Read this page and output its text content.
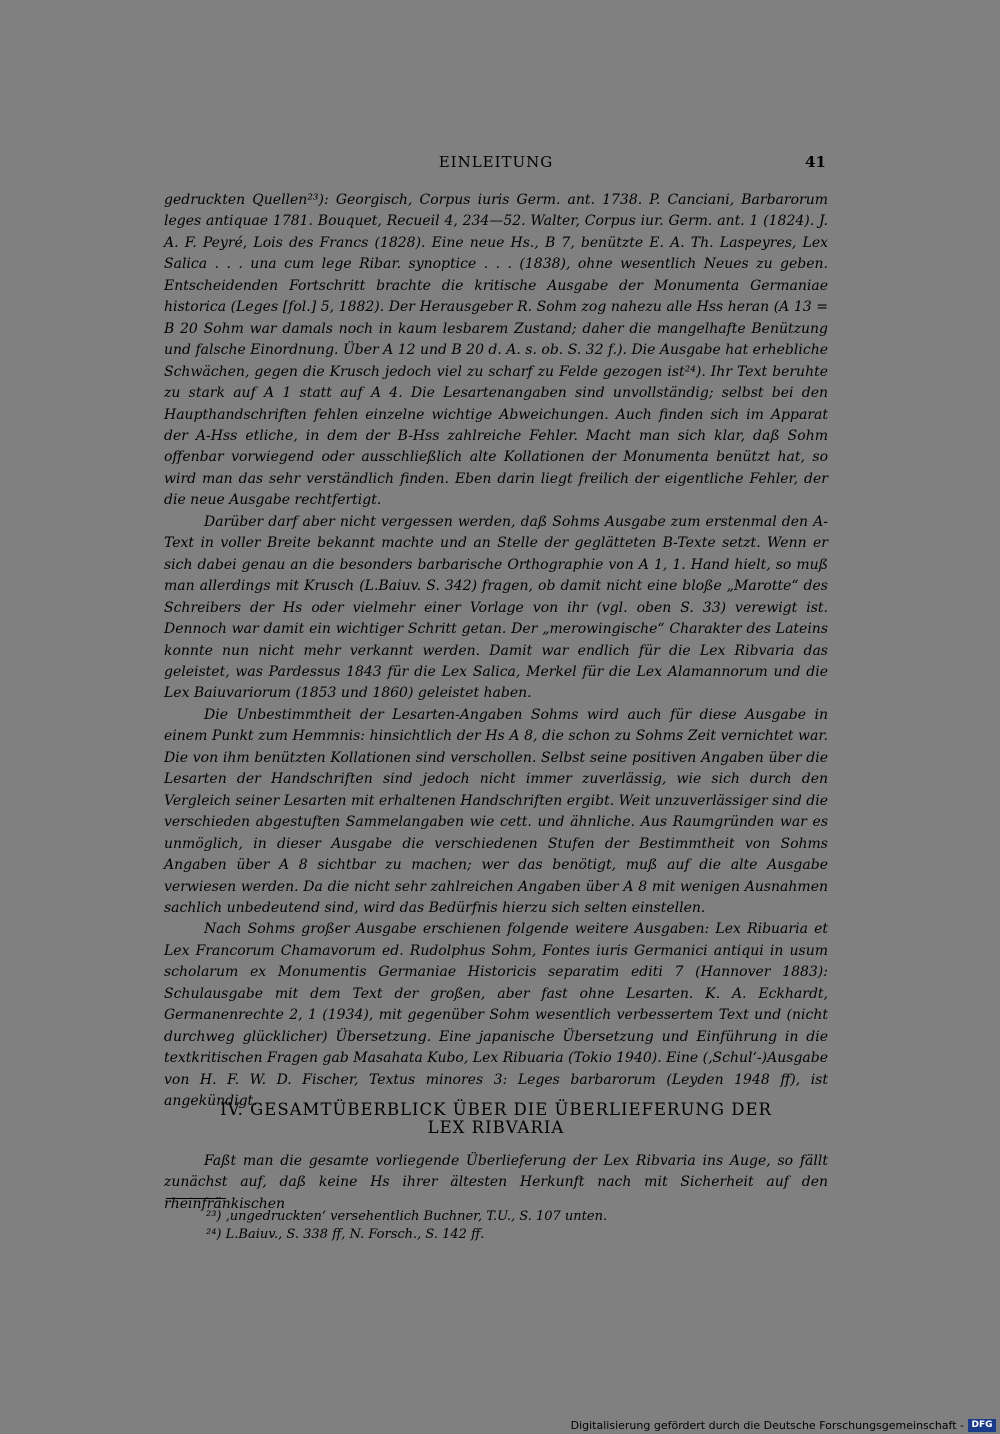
EINLEITUNG	41

gedruckten Quellen²³): Georgisch, Corpus iuris Germ. ant. 1738. P. Canciani, Barbarorum leges antiquae 1781. Bouquet, Recueil 4, 234—52. Walter, Corpus iur. Germ. ant. 1 (1824). J. A. F. Peyré, Lois des Francs (1828). Eine neue Hs., B 7, benützte E. A. Th. Laspeyres, Lex Salica . . . una cum lege Ribar. synoptice . . . (1838), ohne wesentlich Neues zu geben. Entscheidenden Fortschritt brachte die kritische Ausgabe der Monumenta Germaniae historica (Leges [fol.] 5, 1882). Der Herausgeber R. Sohm zog nahezu alle Hss heran (A 13 = B 20 Sohm war damals noch in kaum lesbarem Zustand; daher die mangelhafte Benützung und falsche Einordnung. Über A 12 und B 20 d. A. s. ob. S. 32 f.). Die Ausgabe hat erhebliche Schwächen, gegen die Krusch jedoch viel zu scharf zu Felde gezogen ist²⁴). Ihr Text beruhte zu stark auf A 1 statt auf A 4. Die Lesartenangaben sind unvollständig; selbst bei den Haupthandschriften fehlen einzelne wichtige Abweichungen. Auch finden sich im Apparat der A-Hss etliche, in dem der B-Hss zahlreiche Fehler. Macht man sich klar, daß Sohm offenbar vorwiegend oder ausschließlich alte Kollationen der Monumenta benützt hat, so wird man das sehr verständlich finden. Eben darin liegt freilich der eigentliche Fehler, der die neue Ausgabe rechtfertigt.

Darüber darf aber nicht vergessen werden, daß Sohms Ausgabe zum erstenmal den A-Text in voller Breite bekannt machte und an Stelle der geglätteten B-Texte setzt. Wenn er sich dabei genau an die besonders barbarische Orthographie von A 1, 1. Hand hielt, so muß man allerdings mit Krusch (L.Baiuv. S. 342) fragen, ob damit nicht eine bloße „Marotte“ des Schreibers der Hs oder vielmehr einer Vorlage von ihr (vgl. oben S. 33) verewigt ist. Dennoch war damit ein wichtiger Schritt getan. Der „merowingische“ Charakter des Lateins konnte nun nicht mehr verkannt werden. Damit war endlich für die Lex Ribvaria das geleistet, was Pardessus 1843 für die Lex Salica, Merkel für die Lex Alamannorum und die Lex Baiuvariorum (1853 und 1860) geleistet haben.

Die Unbestimmtheit der Lesarten-Angaben Sohms wird auch für diese Ausgabe in einem Punkt zum Hemmnis: hinsichtlich der Hs A 8, die schon zu Sohms Zeit vernichtet war. Die von ihm benützten Kollationen sind verschollen. Selbst seine positiven Angaben über die Lesarten der Handschriften sind jedoch nicht immer zuverlässig, wie sich durch den Vergleich seiner Lesarten mit erhaltenen Handschriften ergibt. Weit unzuverlässiger sind die verschieden abgestuften Sammelangaben wie cett. und ähnliche. Aus Raumgründen war es unmöglich, in dieser Ausgabe die verschiedenen Stufen der Bestimmtheit von Sohms Angaben über A 8 sichtbar zu machen; wer das benötigt, muß auf die alte Ausgabe verwiesen werden. Da die nicht sehr zahlreichen Angaben über A 8 mit wenigen Ausnahmen sachlich unbedeutend sind, wird das Bedürfnis hierzu sich selten einstellen.

Nach Sohms großer Ausgabe erschienen folgende weitere Ausgaben: Lex Ribuaria et Lex Francorum Chamavorum ed. Rudolphus Sohm, Fontes iuris Germanici antiqui in usum scholarum ex Monumentis Germaniae Historicis separatim editi 7 (Hannover 1883): Schulausgabe mit dem Text der großen, aber fast ohne Lesarten. K. A. Eckhardt, Germanenrechte 2, 1 (1934), mit gegenüber Sohm wesentlich verbessertem Text und (nicht durchweg glücklicher) Übersetzung. Eine japanische Übersetzung und Einführung in die textkritischen Fragen gab Masahata Kubo, Lex Ribuaria (Tokio 1940). Eine (‚Schul‘-)Ausgabe von H. F. W. D. Fischer, Textus minores 3: Leges barbarorum (Leyden 1948 ff), ist angekündigt.

IV. GESAMTÜBERBLICK ÜBER DIE ÜBERLIEFERUNG DER
LEX RIBVARIA

Faßt man die gesamte vorliegende Überlieferung der Lex Ribvaria ins Auge, so fällt zunächst auf, daß keine Hs ihrer ältesten Herkunft nach mit Sicherheit auf den rheinfränkischen

²³) ‚ungedruckten‘ versehentlich Buchner, T.U., S. 107 unten.
²⁴) L.Baiuv., S. 338 ff, N. Forsch., S. 142 ff.
Digitalisierung gefördert durch die Deutsche Forschungsgemeinschaft - DFG
